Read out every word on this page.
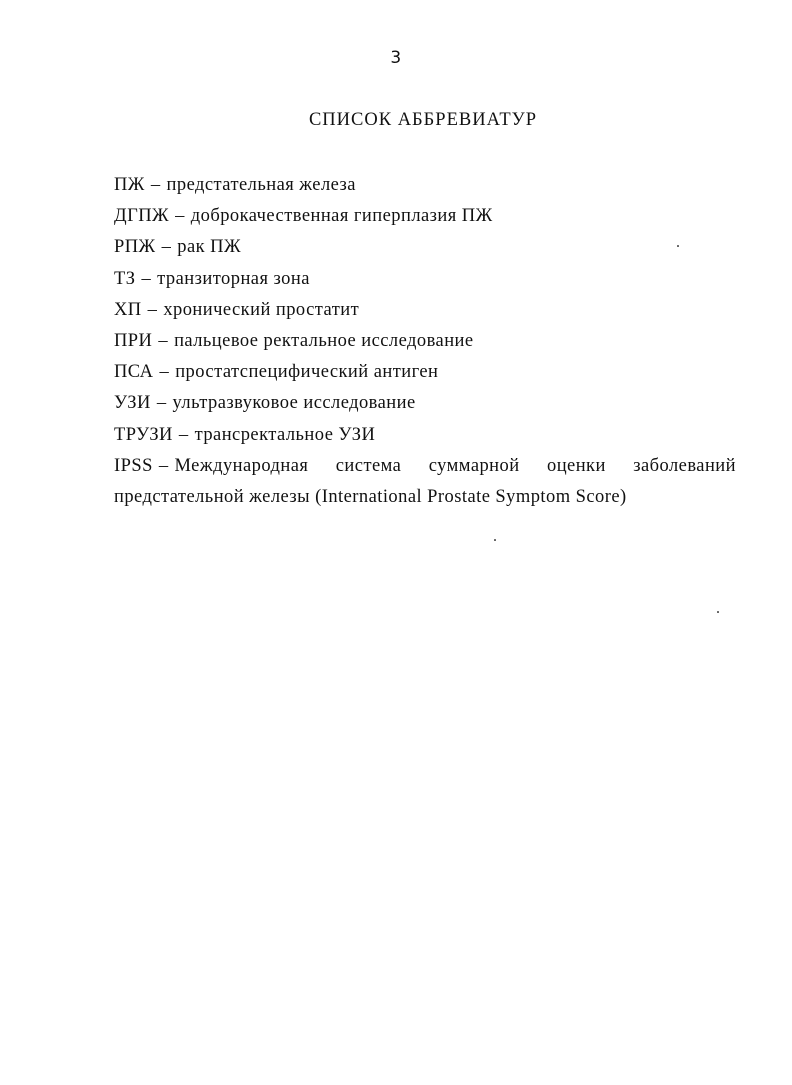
3
СПИСОК АББРЕВИАТУР
ПЖ – предстательная железа
ДГПЖ – доброкачественная гиперплазия ПЖ
РПЖ – рак ПЖ
ТЗ – транзиторная зона
ХП – хронический простатит
ПРИ – пальцевое ректальное исследование
ПСА – простатспецифический антиген
УЗИ – ультразвуковое исследование
ТРУЗИ – трансректальное УЗИ
IPSS – Международная система суммарной оценки заболеваний
предстательной железы (International Prostate Symptom Score)
